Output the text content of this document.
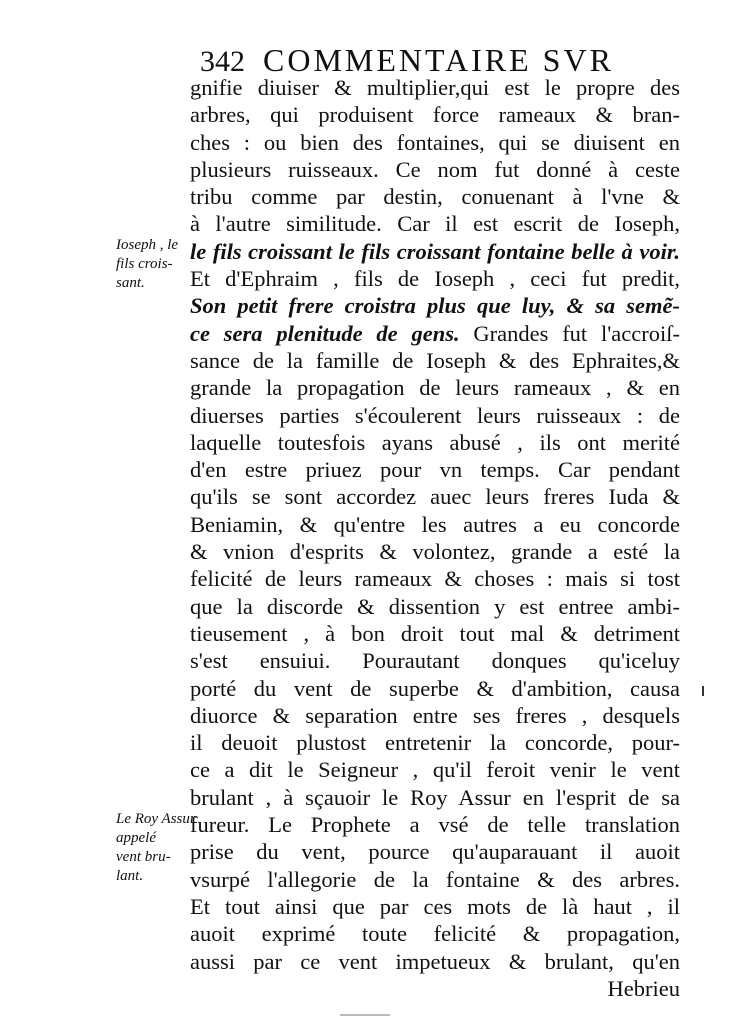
342 COMMENTAIRE SVR
Ioseph , le
fils crois-
sant.
Le Roy Assur
appelé
vent bru-
lant.
gnifie diuiser & multiplier,qui est le propre des
arbres, qui produisent force rameaux & bran-
ches : ou bien des fontaines, qui se diuisent en
plusieurs ruisseaux. Ce nom fut donné à ceste
tribu comme par destin, conuenant à l'vne &
à l'autre similitude. Car il est escrit de Ioseph,
le fils croissant le fils croissant fontaine belle à voir.
Et d'Ephraim , fils de Ioseph , ceci fut predit,
Son petit frere croistra plus que luy, & sa semẽ-
ce sera plenitude de gens. Grandes fut l'accroiſ-
sance de la famille de Ioseph & des Ephraites,&
grande la propagation de leurs rameaux , & en
diuerses parties s'écoulerent leurs ruisseaux : de
laquelle toutesfois ayans abusé , ils ont merité
d'en estre priuez pour vn temps. Car pendant
qu'ils se sont accordez auec leurs freres Iuda &
Beniamin, & qu'entre les autres a eu concorde
& vnion d'esprits & volontez, grande a esté la
felicité de leurs rameaux & choses : mais si tost
que la discorde & dissention y est entree ambi-
tieusement , à bon droit tout mal & detriment
s'est ensuiui. Pourautant donques qu'iceluy
porté du vent de superbe & d'ambition, causa
diuorce & separation entre ses freres , desquels
il deuoit plustost entretenir la concorde, pour-
ce a dit le Seigneur , qu'il feroit venir le vent
brulant , à sçauoir le Roy Assur en l'esprit de sa
fureur. Le Prophete a vsé de telle translation
prise du vent, pource qu'auparauant il auoit
vsurpé l'allegorie de la fontaine & des arbres.
Et tout ainsi que par ces mots de là haut , il
auoit exprimé toute felicité & propagation,
aussi par ce vent impetueux & brulant, qu'en
Hebrieu
